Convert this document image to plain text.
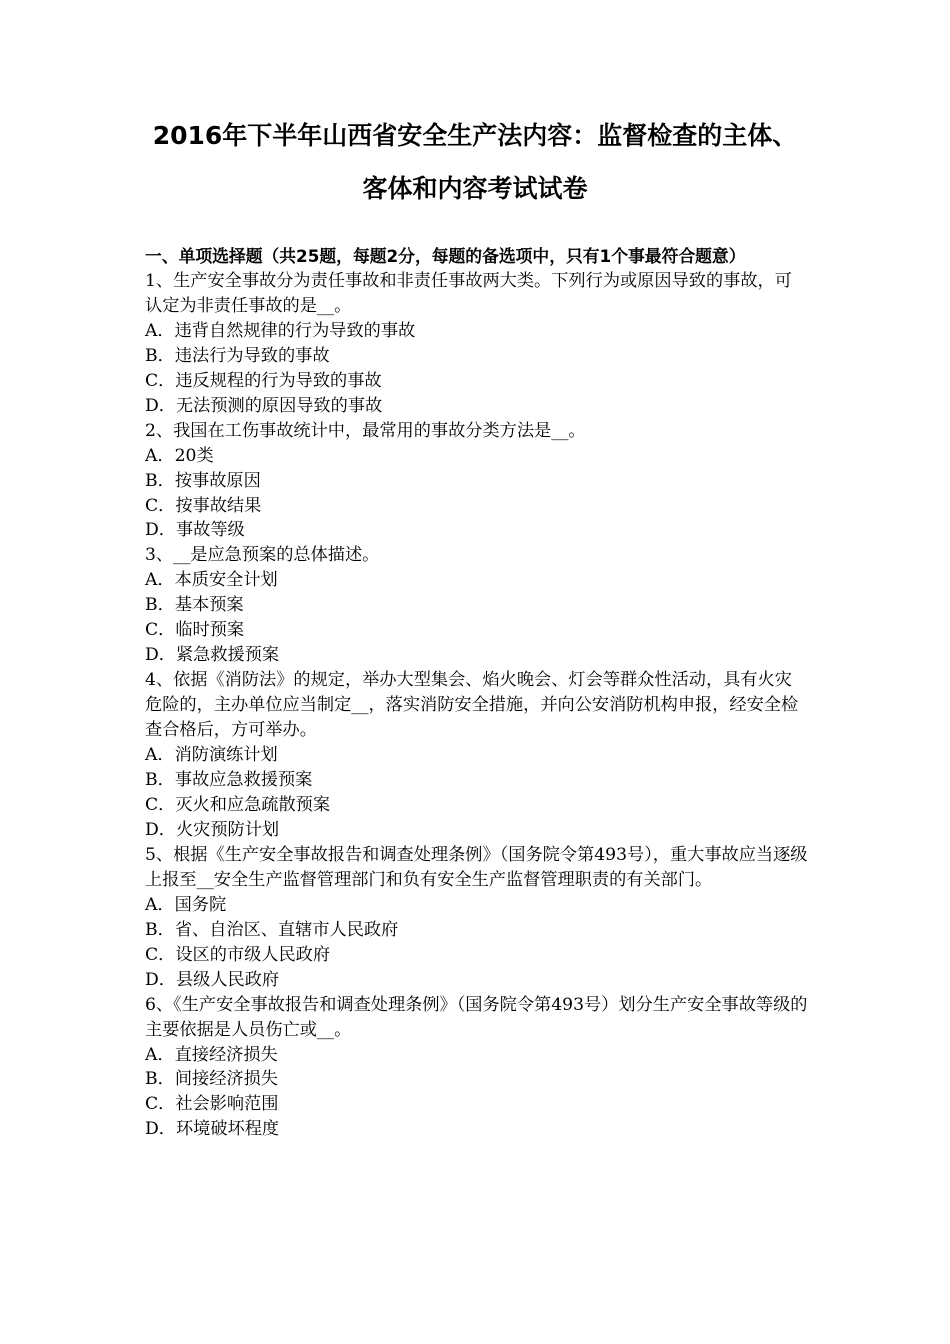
2016年下半年山西省安全生产法内容：监督检查的主体、
客体和内容考试试卷
一、单项选择题（共25题，每题2分，每题的备选项中，只有1个事最符合题意）
1、生产安全事故分为责任事故和非责任事故两大类。下列行为或原因导致的事故，可认定为非责任事故的是__。
A．违背自然规律的行为导致的事故
B．违法行为导致的事故
C．违反规程的行为导致的事故
D．无法预测的原因导致的事故
2、我国在工伤事故统计中，最常用的事故分类方法是__。
A．20类
B．按事故原因
C．按事故结果
D．事故等级
3、__是应急预案的总体描述。
A．本质安全计划
B．基本预案
C．临时预案
D．紧急救援预案
4、依据《消防法》的规定，举办大型集会、焰火晚会、灯会等群众性活动，具有火灾危险的，主办单位应当制定__，落实消防安全措施，并向公安消防机构申报，经安全检查合格后，方可举办。
A．消防演练计划
B．事故应急救援预案
C．灭火和应急疏散预案
D．火灾预防计划
5、根据《生产安全事故报告和调查处理条例》（国务院令第493号），重大事故应当逐级上报至__安全生产监督管理部门和负有安全生产监督管理职责的有关部门。
A．国务院
B．省、自治区、直辖市人民政府
C．设区的市级人民政府
D．县级人民政府
6、《生产安全事故报告和调查处理条例》（国务院令第493号）划分生产安全事故等级的主要依据是人员伤亡或__。
A．直接经济损失
B．间接经济损失
C．社会影响范围
D．环境破坏程度
